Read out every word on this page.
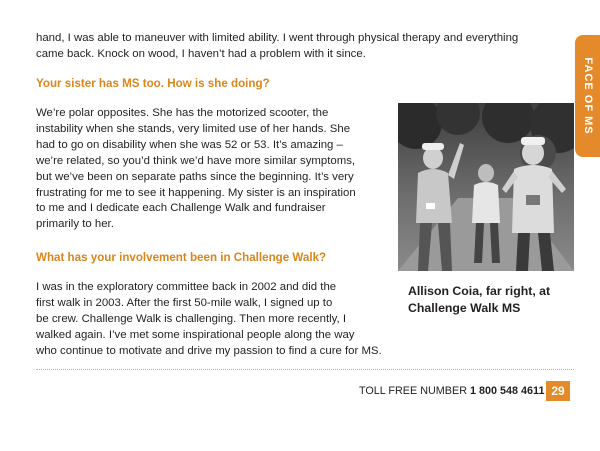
hand, I was able to maneuver with limited ability. I went through physical therapy and everything
came back. Knock on wood, I haven’t had a problem with it since.

Your sister has MS too. How is she doing?

We’re polar opposites. She has the motorized scooter, the
instability when she stands, very limited use of her hands. She
had to go on disability when she was 52 or 53. It’s amazing –
we’re related, so you’d think we’d have more similar symptoms,
but we’ve been on separate paths since the beginning. It’s very
frustrating for me to see it happening. My sister is an inspiration
to me and I dedicate each Challenge Walk and fundraiser
primarily to her.

What has your involvement been in Challenge Walk?

I was in the exploratory committee back in 2002 and did the
first walk in 2003. After the first 50-mile walk, I signed up to
be crew. Challenge Walk is challenging. Then more recently, I
walked again. I’ve met some inspirational people along the way
who continue to motivate and drive my passion to find a cure for MS.

FACE OF MS

Allison Coia, far right, at
Challenge Walk MS

TOLL FREE NUMBER 1 800 548 4611 29
